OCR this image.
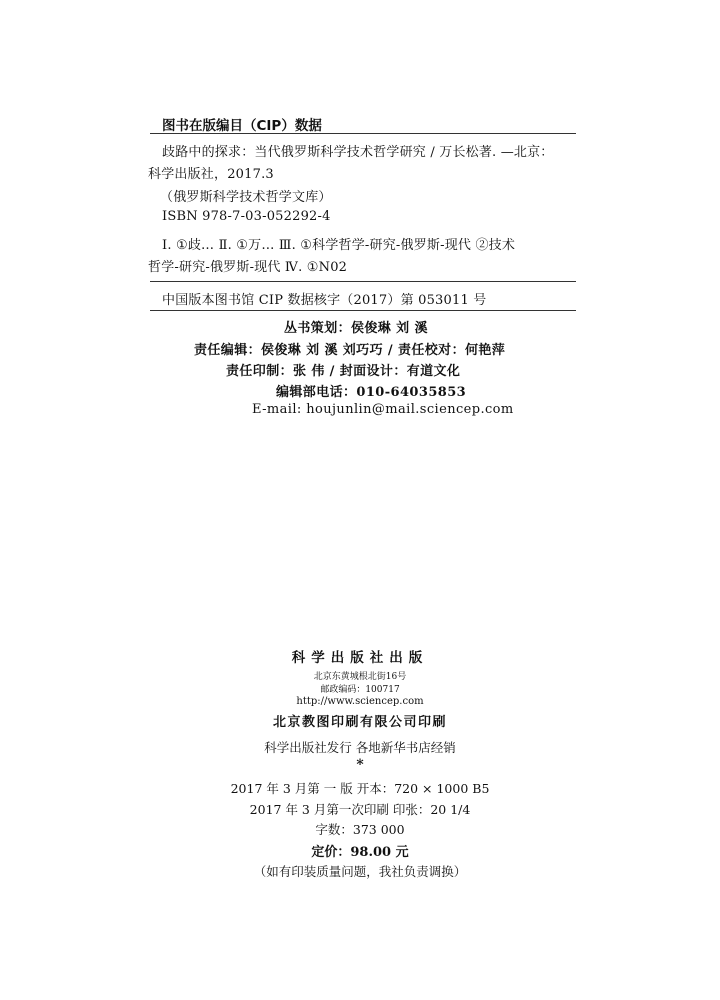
图书在版编目（CIP）数据
歧路中的探求：当代俄罗斯科学技术哲学研究 / 万长松著. —北京：
科学出版社，2017.3
（俄罗斯科学技术哲学文库）
ISBN 978-7-03-052292-4
Ⅰ. ①歧… Ⅱ. ①万… Ⅲ. ①科学哲学-研究-俄罗斯-现代 ②技术
哲学-研究-俄罗斯-现代 Ⅳ. ①N02
中国版本图书馆 CIP 数据核字（2017）第 053011 号
丛书策划：侯俊琳 刘 溪
责任编辑：侯俊琳 刘 溪 刘巧巧 / 责任校对：何艳萍
责任印制：张 伟 / 封面设计：有道文化
编辑部电话：010-64035853
E-mail: houjunlin@mail.sciencep.com
科学出版社出版
北京东黄城根北街16号
邮政编码：100717
http://www.sciencep.com
北京教图印刷有限公司印刷
科学出版社发行 各地新华书店经销
*
2017 年 3 月第 一 版 开本：720 × 1000 B5
2017 年 3 月第一次印刷 印张：20 1/4
字数：373 000
定价：98.00 元
（如有印装质量问题，我社负责调换）
